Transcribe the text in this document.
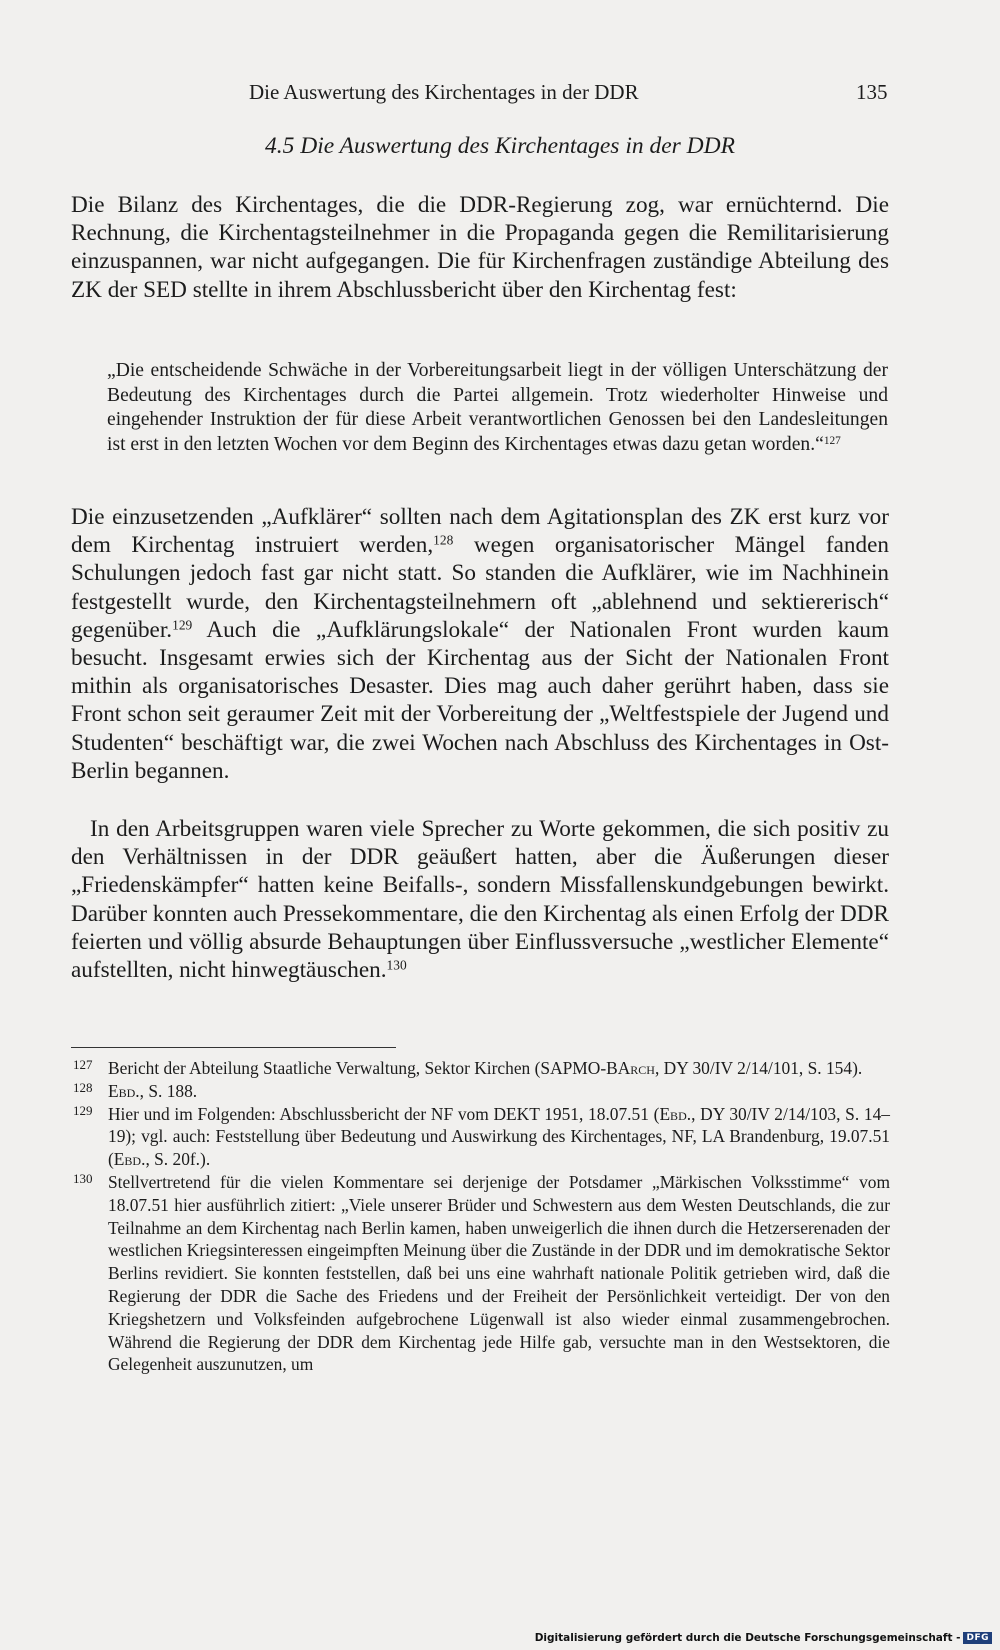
Die Auswertung des Kirchentages in der DDR	135
4.5 Die Auswertung des Kirchentages in der DDR

Die Bilanz des Kirchentages, die die DDR-Regierung zog, war ernüchternd. Die Rechnung, die Kirchentagsteilnehmer in die Propaganda gegen die Remilitarisierung einzuspannen, war nicht aufgegangen. Die für Kirchenfragen zuständige Abteilung des ZK der SED stellte in ihrem Abschlussbericht über den Kirchentag fest:

„Die entscheidende Schwäche in der Vorbereitungsarbeit liegt in der völligen Unterschätzung der Bedeutung des Kirchentages durch die Partei allgemein. Trotz wiederholter Hinweise und eingehender Instruktion der für diese Arbeit verantwortlichen Genossen bei den Landesleitungen ist erst in den letzten Wochen vor dem Beginn des Kirchentages etwas dazu getan worden.“$^{127}$

Die einzusetzenden „Aufklärer“ sollten nach dem Agitationsplan des ZK erst kurz vor dem Kirchentag instruiert werden,$^{128}$ wegen organisatorischer Mängel fanden Schulungen jedoch fast gar nicht statt. So standen die Aufklärer, wie im Nachhinein festgestellt wurde, den Kirchentagsteilnehmern oft „ablehnend und sektiererisch“ gegenüber.$^{129}$ Auch die „Aufklärungslokale“ der Nationalen Front wurden kaum besucht. Insgesamt erwies sich der Kirchentag aus der Sicht der Nationalen Front mithin als organisatorisches Desaster. Dies mag auch daher gerührt haben, dass sie Front schon seit geraumer Zeit mit der Vorbereitung der „Weltfestspiele der Jugend und Studenten“ beschäftigt war, die zwei Wochen nach Abschluss des Kirchentages in Ost-Berlin begannen.

In den Arbeitsgruppen waren viele Sprecher zu Worte gekommen, die sich positiv zu den Verhältnissen in der DDR geäußert hatten, aber die Äußerungen dieser „Friedenskämpfer“ hatten keine Beifalls-, sondern Missfallenskundgebungen bewirkt. Darüber konnten auch Pressekommentare, die den Kirchentag als einen Erfolg der DDR feierten und völlig absurde Behauptungen über Einflussversuche „westlicher Elemente“ aufstellten, nicht hinwegtäuschen.$^{130}$

127 Bericht der Abteilung Staatliche Verwaltung, Sektor Kirchen (SAPMO-BArch, DY 30/IV 2/14/101, S. 154).
128 Ebd., S. 188.
129 Hier und im Folgenden: Abschlussbericht der NF vom DEKT 1951, 18.07.51 (Ebd., DY 30/IV 2/14/103, S. 14–19); vgl. auch: Feststellung über Bedeutung und Auswirkung des Kirchentages, NF, LA Brandenburg, 19.07.51 (Ebd., S. 20f.).
130 Stellvertretend für die vielen Kommentare sei derjenige der Potsdamer „Märkischen Volksstimme“ vom 18.07.51 hier ausführlich zitiert: „Viele unserer Brüder und Schwestern aus dem Westen Deutschlands, die zur Teilnahme an dem Kirchentag nach Berlin kamen, haben unweigerlich die ihnen durch die Hetzerserenaden der westlichen Kriegsinteressen eingeimpften Meinung über die Zustände in der DDR und im demokratische Sektor Berlins revidiert. Sie konnten feststellen, daß bei uns eine wahrhaft nationale Politik getrieben wird, daß die Regierung der DDR die Sache des Friedens und der Freiheit der Persönlichkeit verteidigt. Der von den Kriegshetzern und Volksfeinden aufgebrochene Lügenwall ist also wieder einmal zusammengebrochen. Während die Regierung der DDR dem Kirchentag jede Hilfe gab, versuchte man in den Westsektoren, die Gelegenheit auszunutzen, um
Digitalisierung gefördert durch die Deutsche Forschungsgemeinschaft - DFG
